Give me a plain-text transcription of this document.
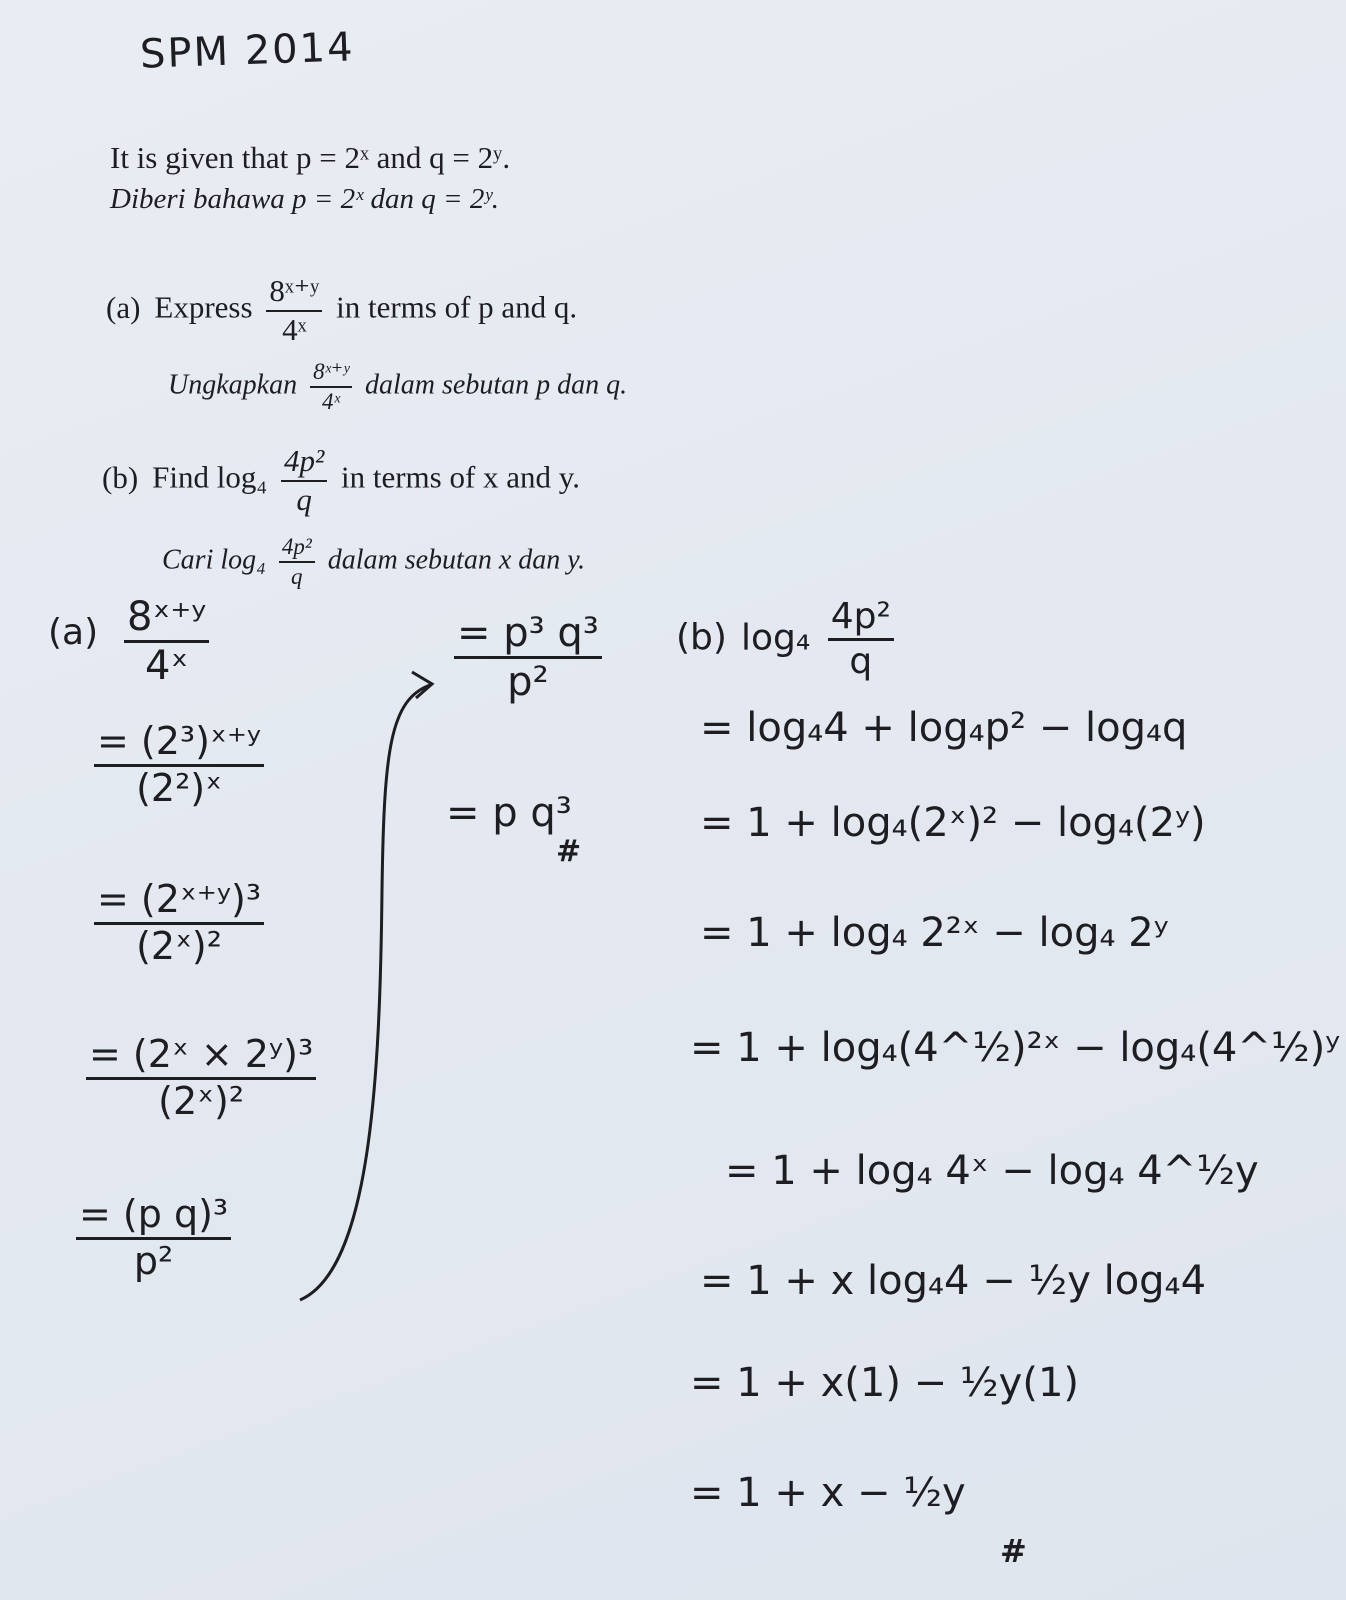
SPM 2014
It is given that p = 2ˣ and q = 2ʸ.
Diberi bahawa p = 2ˣ dan q = 2ʸ.
(a) Express $\frac{\text{8ˣ⁺ʸ}}{\text{4ˣ}}$ in terms of p and q.
Ungkapkan $\frac{\text{8ˣ⁺ʸ}}{\text{4ˣ}}$ dalam sebutan p dan q.
(b) Find $\log_4 \frac{\text{4p²}}{q}$ in terms of x and y.
Cari $\log_4 \frac{\text{4p²}}{q}$ dalam sebutan x dan y.
$(a) \frac{\text{8ˣ⁺ʸ}}{\text{4ˣ}}$
$\frac{\text{= (2³)ˣ⁺ʸ}}{\text{(2²)ˣ}}$
$\frac{\text{= (2ˣ⁺ʸ)³}}{\text{(2ˣ)²}}$
$\frac{\text{= (2ˣ × 2ʸ)³}}{\text{(2ˣ)²}}$
$\frac{\text{= (p q)³}}{\text{p²}}$
$\frac{\text{= p³ q³}}{\text{p²}}$
= p q³
#
(b) $\log_4 \frac{\text{4p²}}{q}$
= log₄4 + log₄p² − log₄q
= 1 + log₄(2ˣ)² − log₄(2ʸ)
= 1 + log₄ 2²ˣ − log₄ 2ʸ
= 1 + log₄(4^½)²ˣ − log₄(4^½)ʸ
= 1 + log₄ 4ˣ − log₄ 4^½y
= 1 + x log₄4 − ½y log₄4
= 1 + x(1) − ½y(1)
= 1 + x − ½y
#
